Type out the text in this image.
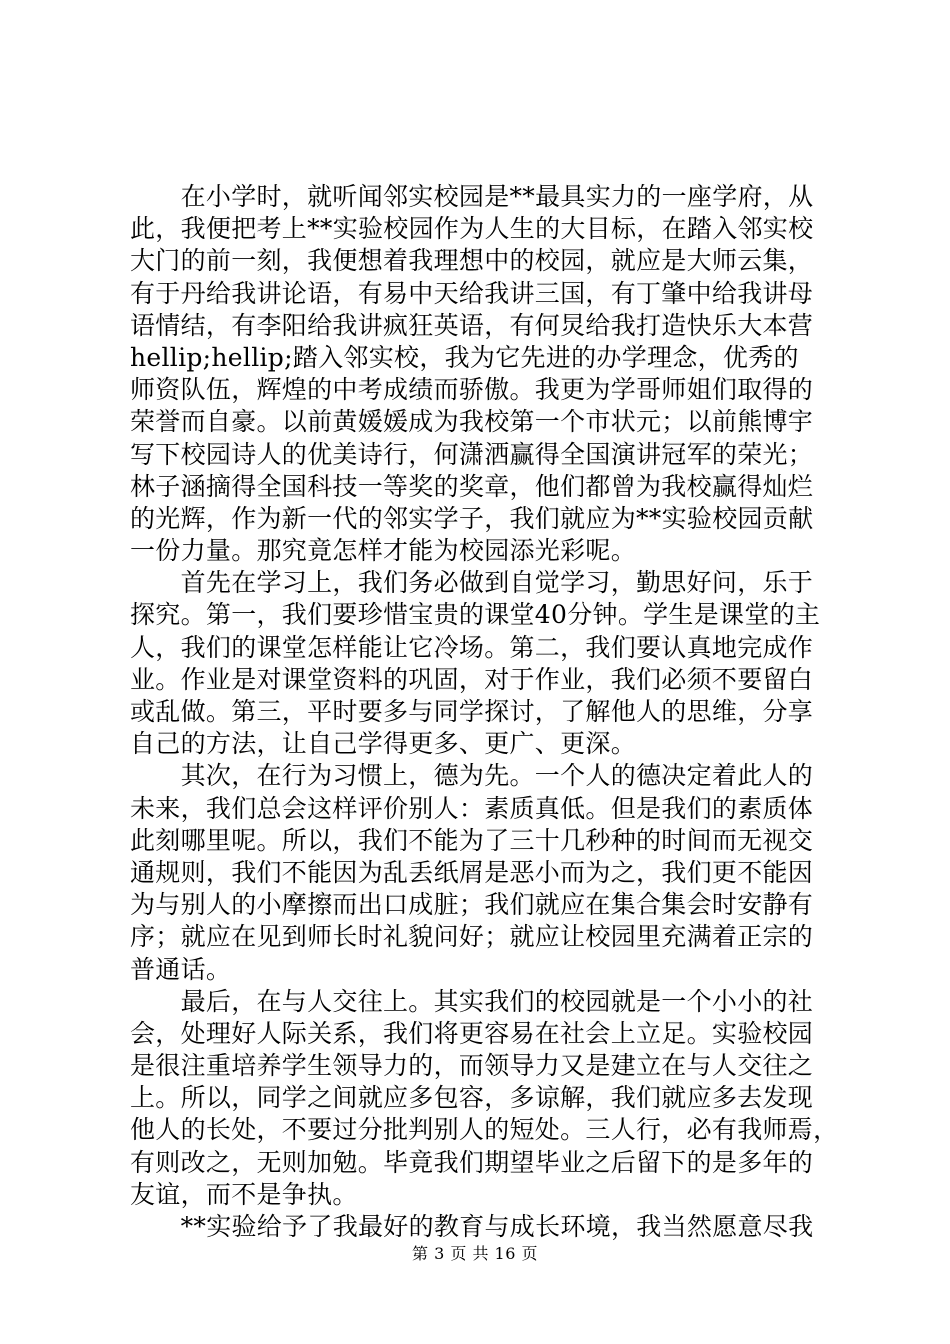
　　在小学时，就听闻邻实校园是**最具实力的一座学府，从
此，我便把考上**实验校园作为人生的大目标，在踏入邻实校
大门的前一刻，我便想着我理想中的校园，就应是大师云集，
有于丹给我讲论语，有易中天给我讲三国，有丁肇中给我讲母
语情结，有李阳给我讲疯狂英语，有何炅给我打造快乐大本营
hellip;hellip;踏入邻实校，我为它先进的办学理念，优秀的
师资队伍，辉煌的中考成绩而骄傲。我更为学哥师姐们取得的
荣誉而自豪。以前黄媛媛成为我校第一个市状元；以前熊博宇
写下校园诗人的优美诗行，何潇洒赢得全国演讲冠军的荣光；
林子涵摘得全国科技一等奖的奖章，他们都曾为我校赢得灿烂
的光辉，作为新一代的邻实学子，我们就应为**实验校园贡献
一份力量。那究竟怎样才能为校园添光彩呢。
　　首先在学习上，我们务必做到自觉学习，勤思好问，乐于
探究。第一，我们要珍惜宝贵的课堂40分钟。学生是课堂的主
人，我们的课堂怎样能让它冷场。第二，我们要认真地完成作
业。作业是对课堂资料的巩固，对于作业，我们必须不要留白
或乱做。第三，平时要多与同学探讨，了解他人的思维，分享
自己的方法，让自己学得更多、更广、更深。
　　其次，在行为习惯上，德为先。一个人的德决定着此人的
未来，我们总会这样评价别人：素质真低。但是我们的素质体
此刻哪里呢。所以，我们不能为了三十几秒种的时间而无视交
通规则，我们不能因为乱丢纸屑是恶小而为之，我们更不能因
为与别人的小摩擦而出口成脏；我们就应在集合集会时安静有
序；就应在见到师长时礼貌问好；就应让校园里充满着正宗的
普通话。
　　最后，在与人交往上。其实我们的校园就是一个小小的社
会，处理好人际关系，我们将更容易在社会上立足。实验校园
是很注重培养学生领导力的，而领导力又是建立在与人交往之
上。所以，同学之间就应多包容，多谅解，我们就应多去发现
他人的长处，不要过分批判别人的短处。三人行，必有我师焉，
有则改之，无则加勉。毕竟我们期望毕业之后留下的是多年的
友谊，而不是争执。
　　**实验给予了我最好的教育与成长环境，我当然愿意尽我
第 3 页 共 16 页
